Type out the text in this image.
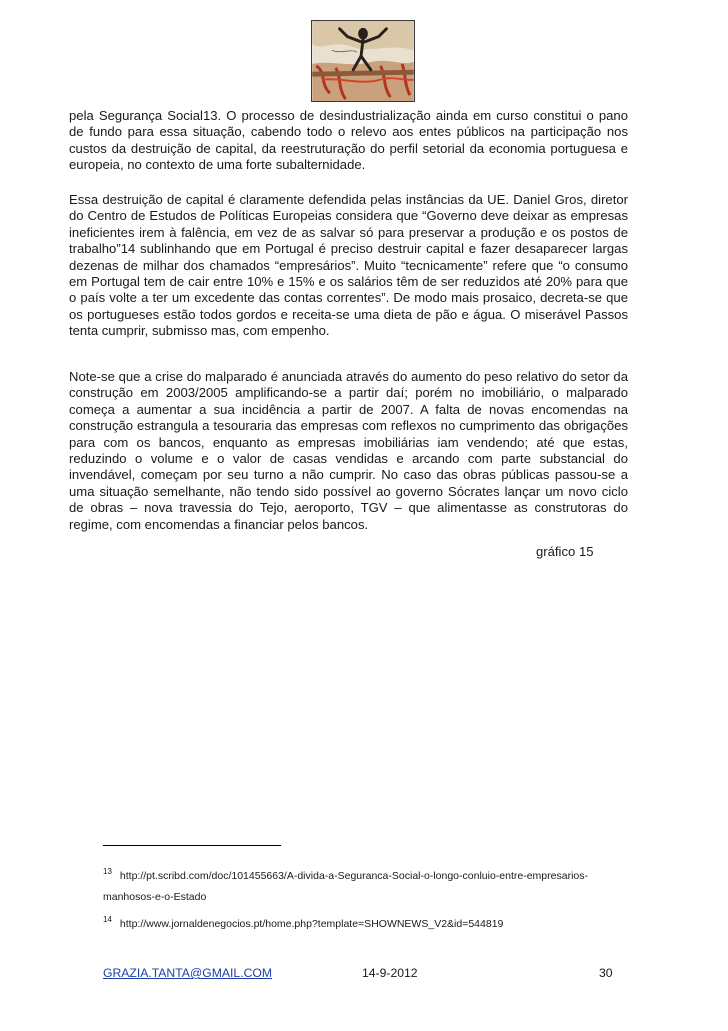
pela Segurança Social13. O processo de desindustrialização ainda em curso constitui o pano de fundo para essa situação, cabendo todo o relevo aos entes públicos na participação nos custos da destruição de capital, da reestruturação do perfil setorial da economia portuguesa e europeia, no contexto de uma forte subalternidade.

Essa destruição de capital é claramente defendida pelas instâncias da UE. Daniel Gros, diretor do Centro de Estudos de Políticas Europeias considera que “Governo deve deixar as empresas ineficientes irem à falência, em vez de as salvar só para preservar a produção e os postos de trabalho”14 sublinhando que em Portugal é preciso destruir capital e fazer desaparecer largas dezenas de milhar dos chamados “empresários”. Muito “tecnicamente” refere que “o consumo em Portugal tem de cair entre 10% e 15% e os salários têm de ser reduzidos até 20% para que o país volte a ter um excedente das contas correntes”. De modo mais prosaico, decreta-se que os portugueses estão todos gordos e receita-se uma dieta de pão e água. O miserável Passos tenta cumprir, submisso mas, com empenho.

Note-se que a crise do malparado é anunciada através do aumento do peso relativo do setor da construção em 2003/2005 amplificando-se a partir daí; porém no imobiliário, o malparado começa a aumentar a sua incidência a partir de 2007. A falta de novas encomendas na construção estrangula a tesouraria das empresas com reflexos no cumprimento das obrigações para com os bancos, enquanto as empresas imobiliárias iam vendendo; até que estas, reduzindo o volume e o valor de casas vendidas e arcando com parte substancial do invendável, começam por seu turno a não cumprir. No caso das obras públicas passou-se a uma situação semelhante, não tendo sido possível ao governo Sócrates lançar um novo ciclo de obras – nova travessia do Tejo, aeroporto, TGV – que alimentasse as construtoras do regime, com encomendas a financiar pelos bancos.

gráfico 15

$^{13}$ http://pt.scribd.com/doc/101455663/A-divida-a-Seguranca-Social-o-longo-conluio-entre-empresarios-manhosos-e-o-Estado

$^{14}$ http://www.jornaldenegocios.pt/home.php?template=SHOWNEWS_V2&id=544819

GRAZIA.TANTA@GMAIL.COM	14-9-2012	30
